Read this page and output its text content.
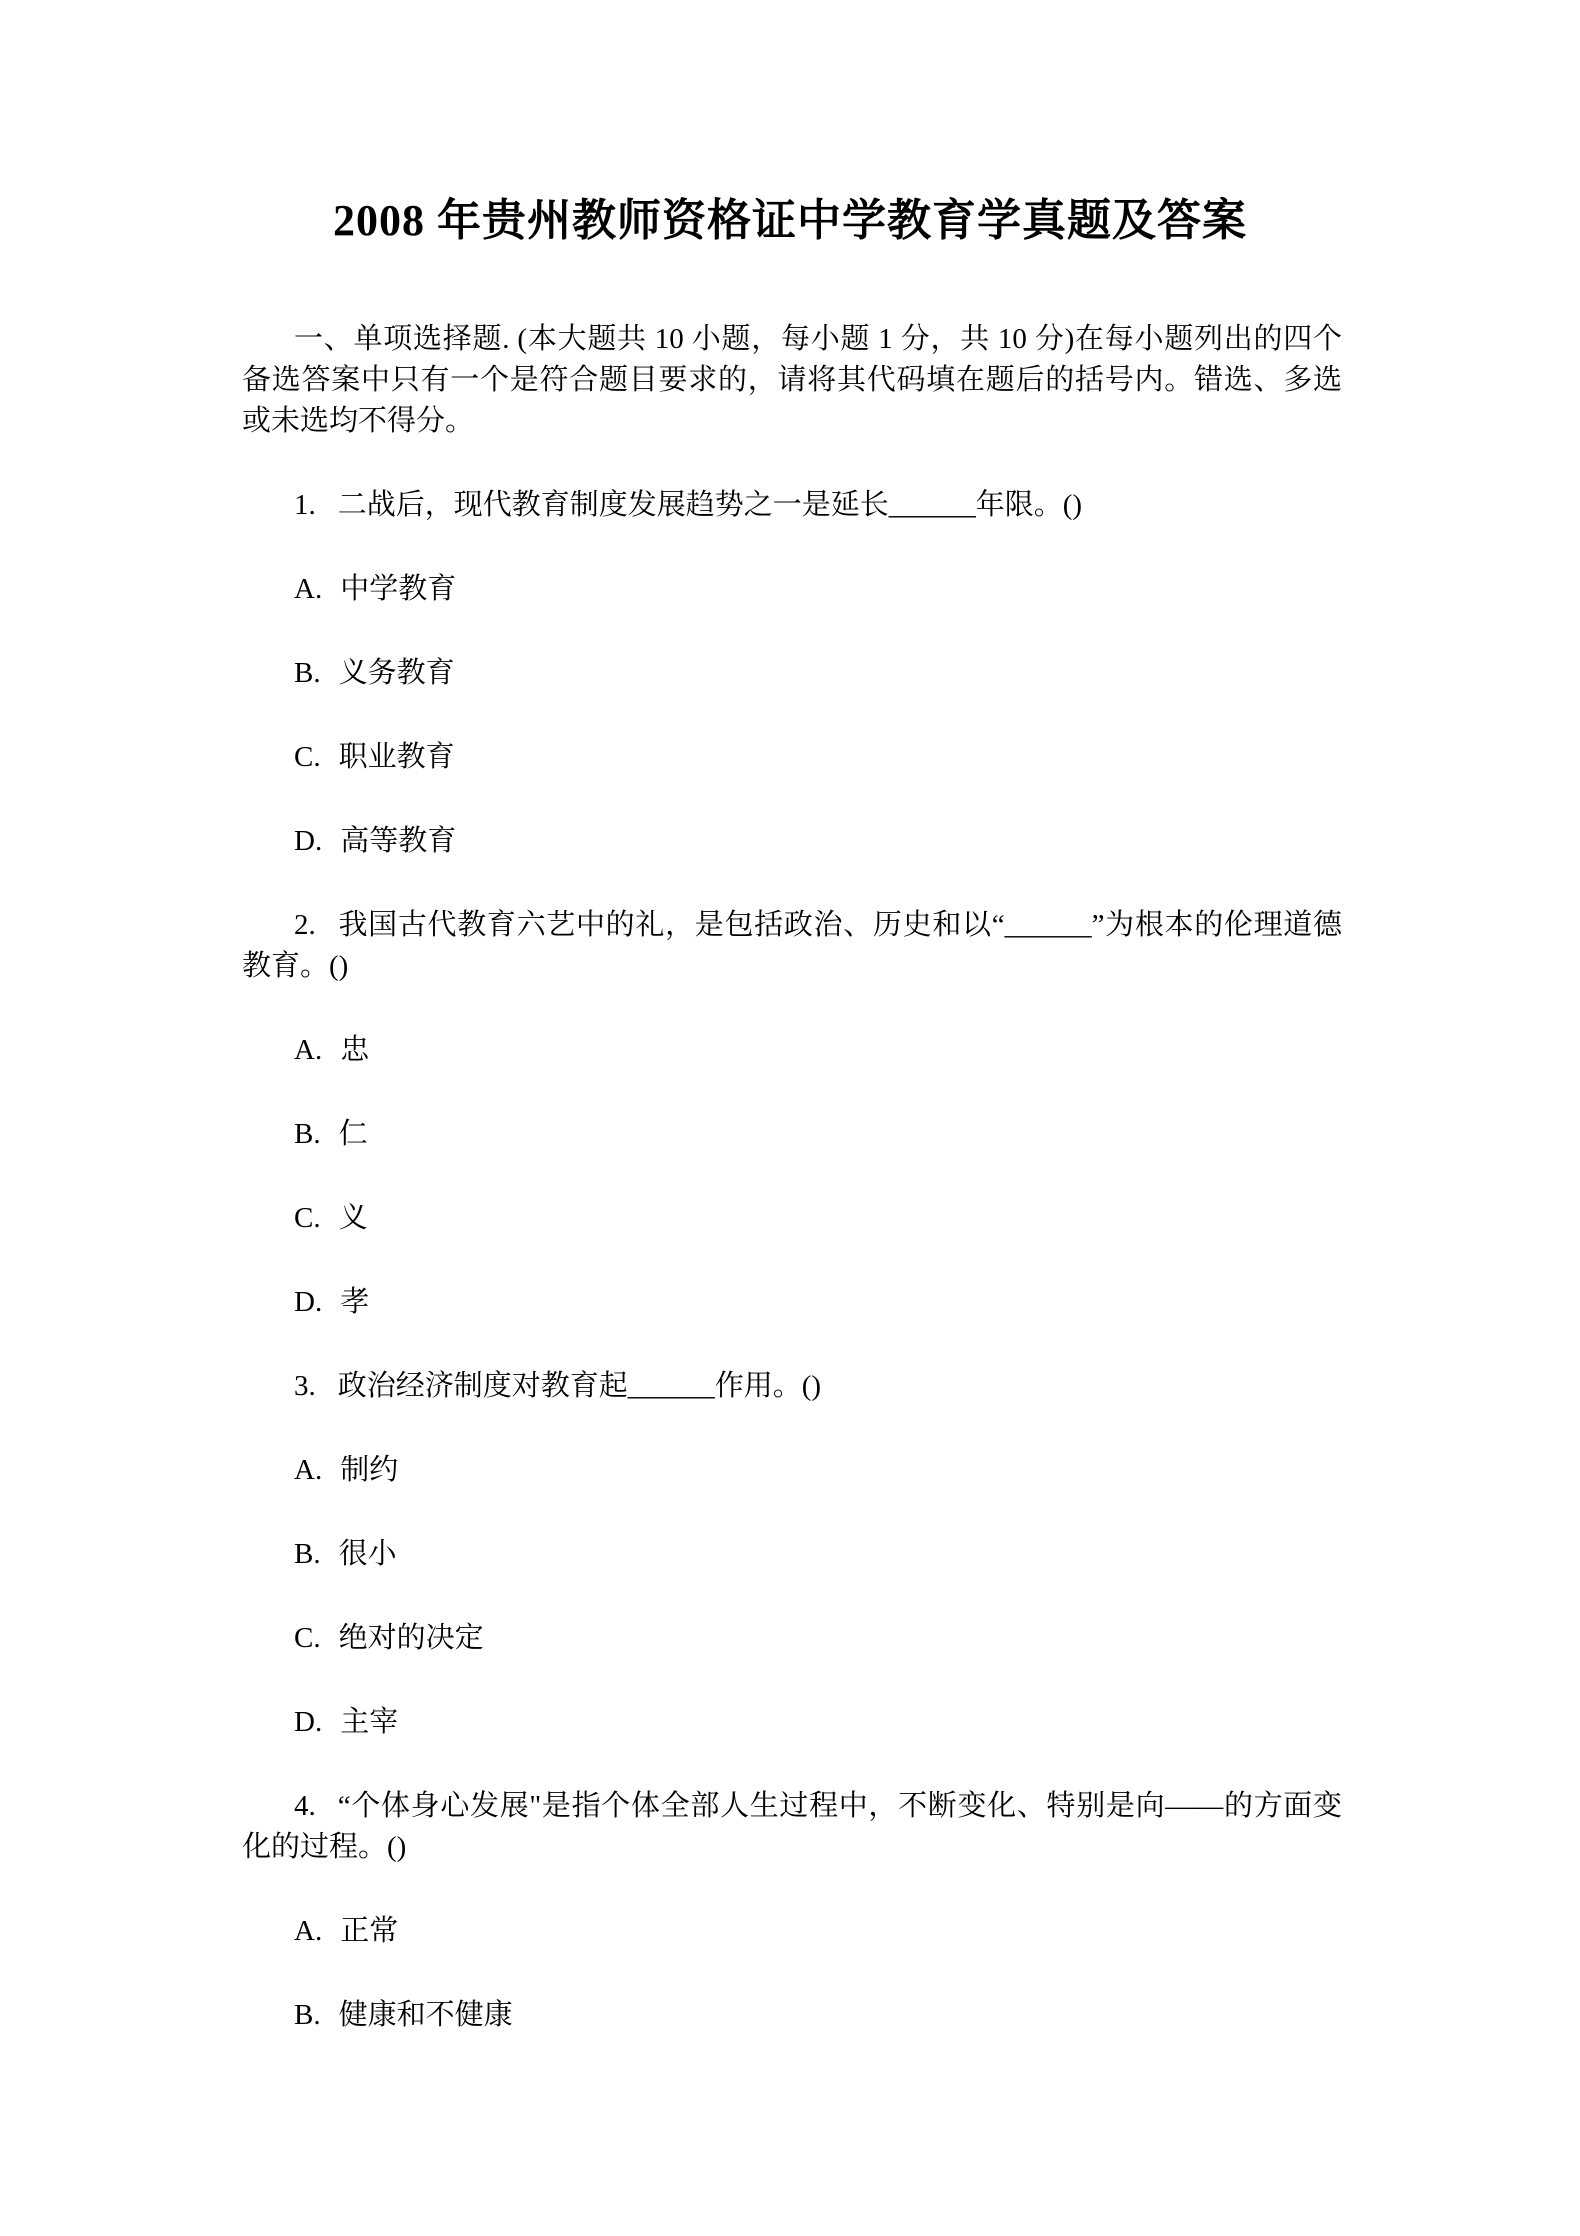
2008 年贵州教师资格证中学教育学真题及答案

一、单项选择题. (本大题共 10 小题，每小题 1 分，共 10 分)在每小题列出的四个备选答案中只有一个是符合题目要求的，请将其代码填在题后的括号内。错选、多选或未选均不得分。

1. 二战后，现代教育制度发展趋势之一是延长______年限。()

A. 中学教育

B. 义务教育

C. 职业教育

D. 高等教育

2. 我国古代教育六艺中的礼，是包括政治、历史和以“______”为根本的伦理道德教育。()

A. 忠

B. 仁

C. 义

D. 孝

3. 政治经济制度对教育起______作用。()

A. 制约

B. 很小

C. 绝对的决定

D. 主宰

4. “个体身心发展"是指个体全部人生过程中，不断变化、特别是向——的方面变化的过程。()

A. 正常

B. 健康和不健康
